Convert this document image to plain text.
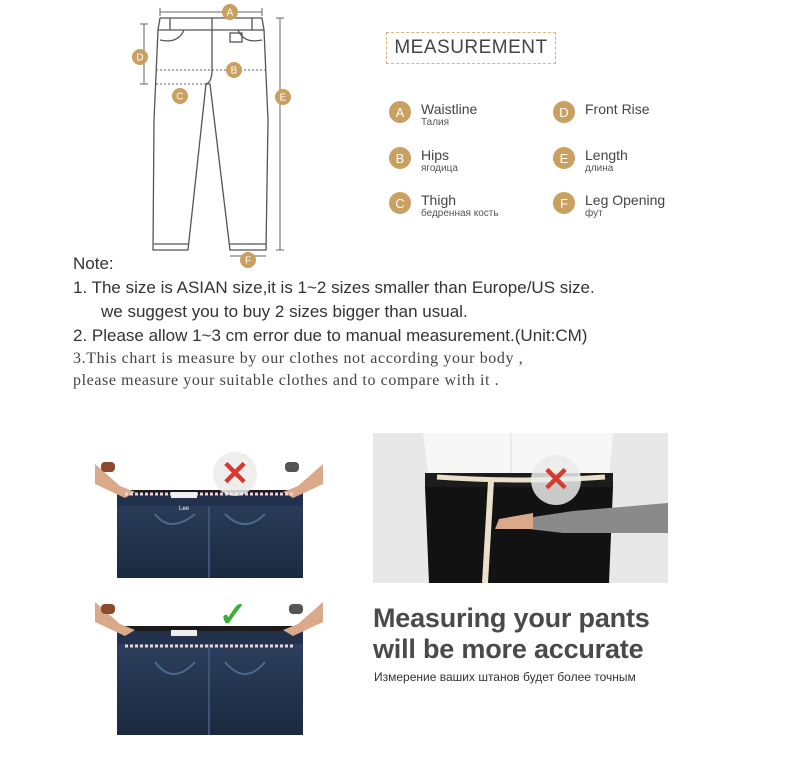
A
B
C
D
E
F
MEASUREMENT
A	Waistline
Талия
B	Hips
ягодица
C	Thigh
бедренная кость
D	Front Rise
E	Length
длина
F	Leg Opening
фут
Note:
1. The size is ASIAN size,it is 1~2 sizes smaller than Europe/US size.
we suggest you to buy 2 sizes bigger than usual.
2. Please allow 1~3 cm error due to manual measurement.(Unit:CM)
3.This chart is measure by our clothes not according your body ,
please measure your suitable clothes and to compare with it .
Lee
✕
✓
✕
Measuring your pants
will be more accurate
Измерение ваших штанов будет более точным
